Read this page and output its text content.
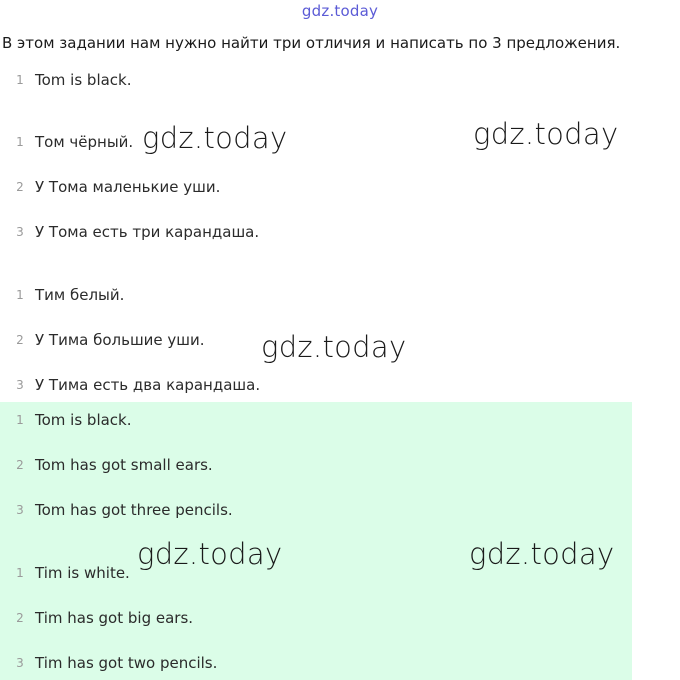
gdz.today
В этом задании нам нужно найти три отличия и написать по 3 предложения.
1 Tom is black.
1 Том чёрный.
2 У Тома маленькие уши.
3 У Тома есть три карандаша.
1 Тим белый.
2 У Тима большие уши.
3 У Тима есть два карандаша.
1 Tom is black.
2 Tom has got small ears.
3 Tom has got three pencils.
1 Tim is white.
2 Tim has got big ears.
3 Tim has got two pencils.
gdz.today	gdz.today
gdz.today
gdz.today	gdz.today
